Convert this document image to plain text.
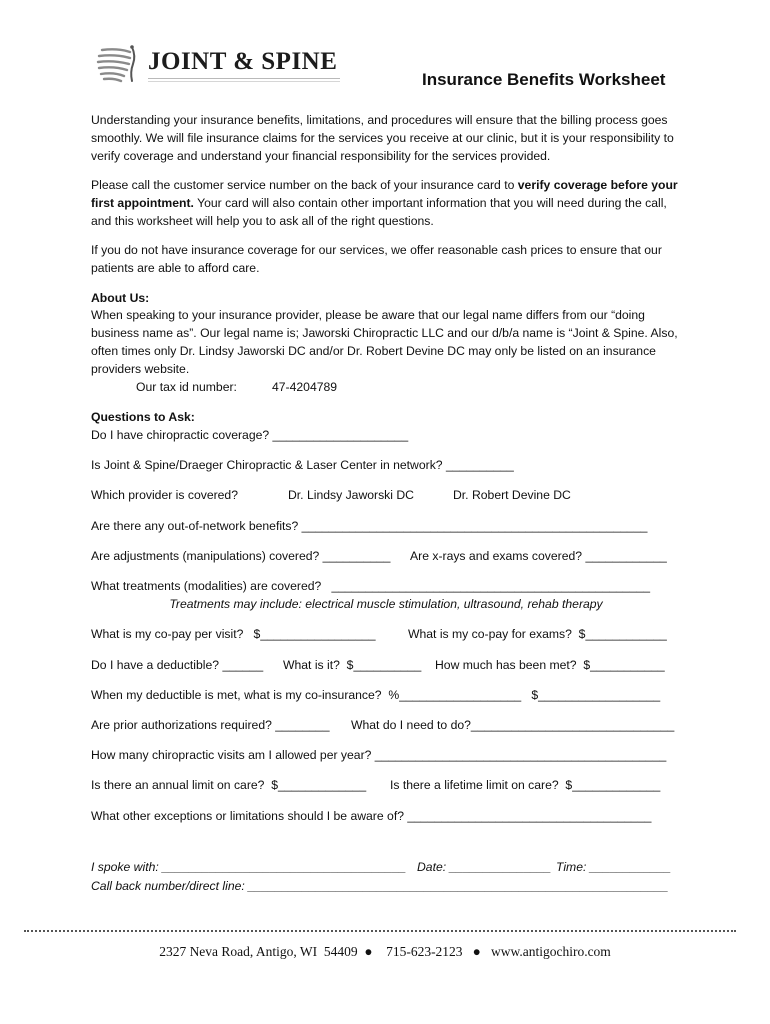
JOINT & SPINE
Insurance Benefits Worksheet

Understanding your insurance benefits, limitations, and procedures will ensure that the billing process goes smoothly. We will file insurance claims for the services you receive at our clinic, but it is your responsibility to verify coverage and understand your financial responsibility for the services provided.

Please call the customer service number on the back of your insurance card to verify coverage before your first appointment. Your card will also contain other important information that you will need during the call, and this worksheet will help you to ask all of the right questions.

If you do not have insurance coverage for our services, we offer reasonable cash prices to ensure that our patients are able to afford care.

About Us:

When speaking to your insurance provider, please be aware that our legal name differs from our “doing business name as”. Our legal name is; Jaworski Chiropractic LLC and our d/b/a name is “Joint & Spine. Also, often times only Dr. Lindsy Jaworski DC and/or Dr. Robert Devine DC may only be listed on an insurance providers website.

Our tax id number:	47-4204789
Questions to Ask:
Do I have chiropractic coverage? ____________________
Is Joint & Spine/Draeger Chiropractic & Laser Center in network? __________
Which provider is covered?	Dr. Lindsy Jaworski DC	Dr. Robert Devine DC
Are there any out-of-network benefits? ___________________________________________________
Are adjustments (manipulations) covered? __________ Are x-rays and exams covered? ____________
What treatments (modalities) are covered?   _______________________________________________
Treatments may include: electrical muscle stimulation, ultrasound, rehab therapy
What is my co-pay per visit?   $_________________	What is my co-pay for exams?  $____________
Do I have a deductible? ______ What is it?  $__________ How much has been met?  $___________
When my deductible is met, what is my co-insurance?  %__________________   $__________________
Are prior authorizations required? ________ What do I need to do?______________________________
How many chiropractic visits am I allowed per year? ___________________________________________
Is there an annual limit on care?  $_____________ Is there a lifetime limit on care?  $_____________
What other exceptions or limitations should I be aware of? ____________________________________
I spoke with: ____________________________________ Date: _______________ Time: ____________
Call back number/direct line: ______________________________________________________________
2327 Neva Road, Antigo, WI  54409  ●    715-623-2123   ●   www.antigochiro.com
